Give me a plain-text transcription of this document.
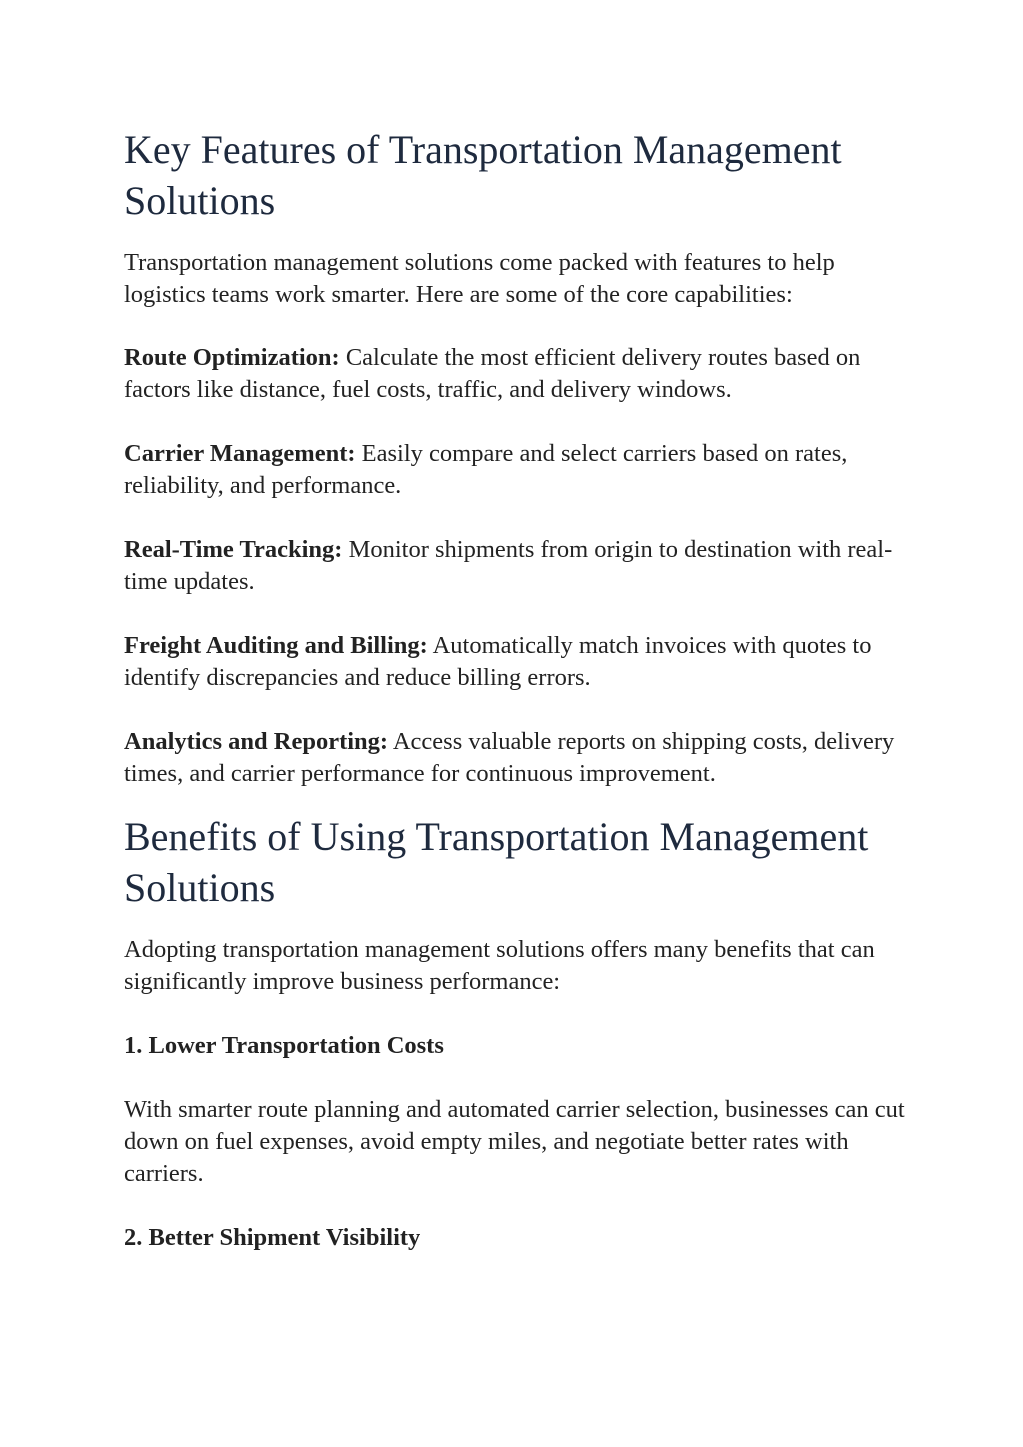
Key Features of Transportation Management Solutions

Transportation management solutions come packed with features to help logistics teams work smarter. Here are some of the core capabilities:

Route Optimization: Calculate the most efficient delivery routes based on factors like distance, fuel costs, traffic, and delivery windows.

Carrier Management: Easily compare and select carriers based on rates, reliability, and performance.

Real-Time Tracking: Monitor shipments from origin to destination with real-time updates.

Freight Auditing and Billing: Automatically match invoices with quotes to identify discrepancies and reduce billing errors.

Analytics and Reporting: Access valuable reports on shipping costs, delivery times, and carrier performance for continuous improvement.

Benefits of Using Transportation Management Solutions

Adopting transportation management solutions offers many benefits that can significantly improve business performance:

1. Lower Transportation Costs

With smarter route planning and automated carrier selection, businesses can cut down on fuel expenses, avoid empty miles, and negotiate better rates with carriers.

2. Better Shipment Visibility
